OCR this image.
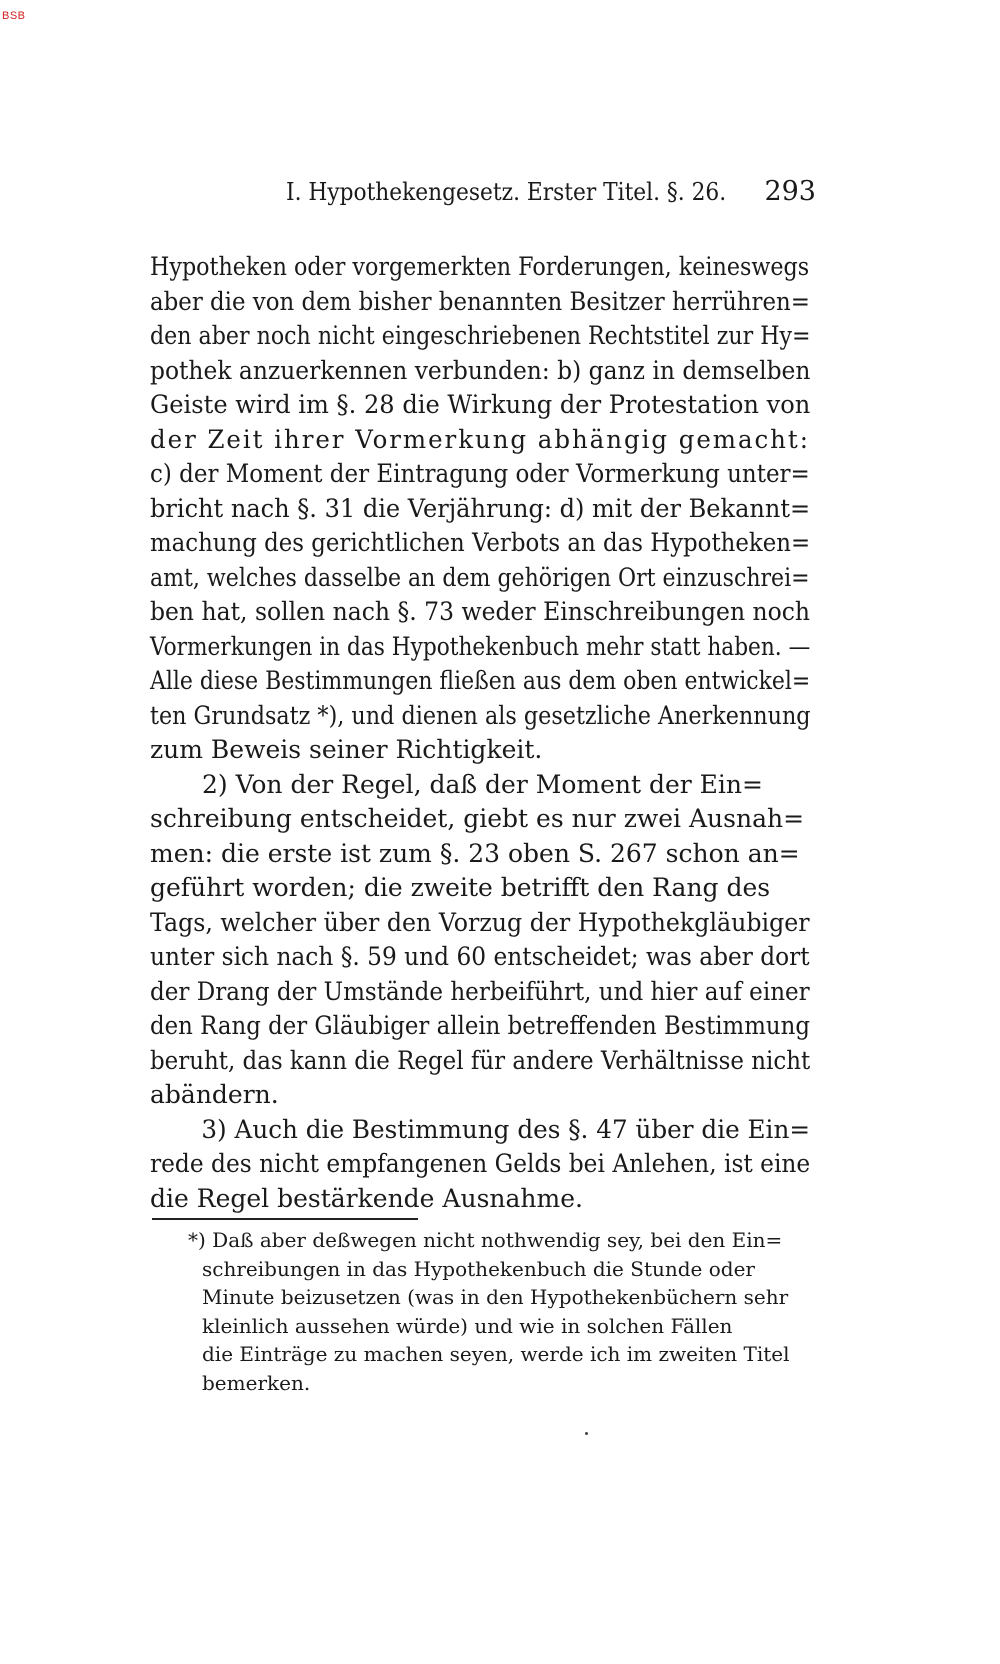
BSB
I. Hypothekengesetz. Erster Titel. §. 26. 293
Hypotheken oder vorgemerkten Forderungen, keineswegs
aber die von dem bisher benannten Besitzer herrühren=
den aber noch nicht eingeschriebenen Rechtstitel zur Hy=
pothek anzuerkennen verbunden: b) ganz in demselben
Geiste wird im §. 28 die Wirkung der Protestation von
der Zeit ihrer Vormerkung abhängig gemacht:
c) der Moment der Eintragung oder Vormerkung unter=
bricht nach §. 31 die Verjährung: d) mit der Bekannt=
machung des gerichtlichen Verbots an das Hypotheken=
amt, welches dasselbe an dem gehörigen Ort einzuschrei=
ben hat, sollen nach §. 73 weder Einschreibungen noch
Vormerkungen in das Hypothekenbuch mehr statt haben. —
Alle diese Bestimmungen fließen aus dem oben entwickel=
ten Grundsatz *), und dienen als gesetzliche Anerkennung
zum Beweis seiner Richtigkeit.
2) Von der Regel, daß der Moment der Ein=
schreibung entscheidet, giebt es nur zwei Ausnah=
men: die erste ist zum §. 23 oben S. 267 schon an=
geführt worden; die zweite betrifft den Rang des
Tags, welcher über den Vorzug der Hypothekgläubiger
unter sich nach §. 59 und 60 entscheidet; was aber dort
der Drang der Umstände herbeiführt, und hier auf einer
den Rang der Gläubiger allein betreffenden Bestimmung
beruht, das kann die Regel für andere Verhältnisse nicht
abändern.
3) Auch die Bestimmung des §. 47 über die Ein=
rede des nicht empfangenen Gelds bei Anlehen, ist eine
die Regel bestärkende Ausnahme.
*) Daß aber deßwegen nicht nothwendig sey, bei den Ein=
schreibungen in das Hypothekenbuch die Stunde oder
Minute beizusetzen (was in den Hypothekenbüchern sehr
kleinlich aussehen würde) und wie in solchen Fällen
die Einträge zu machen seyen, werde ich im zweiten Titel
bemerken.
